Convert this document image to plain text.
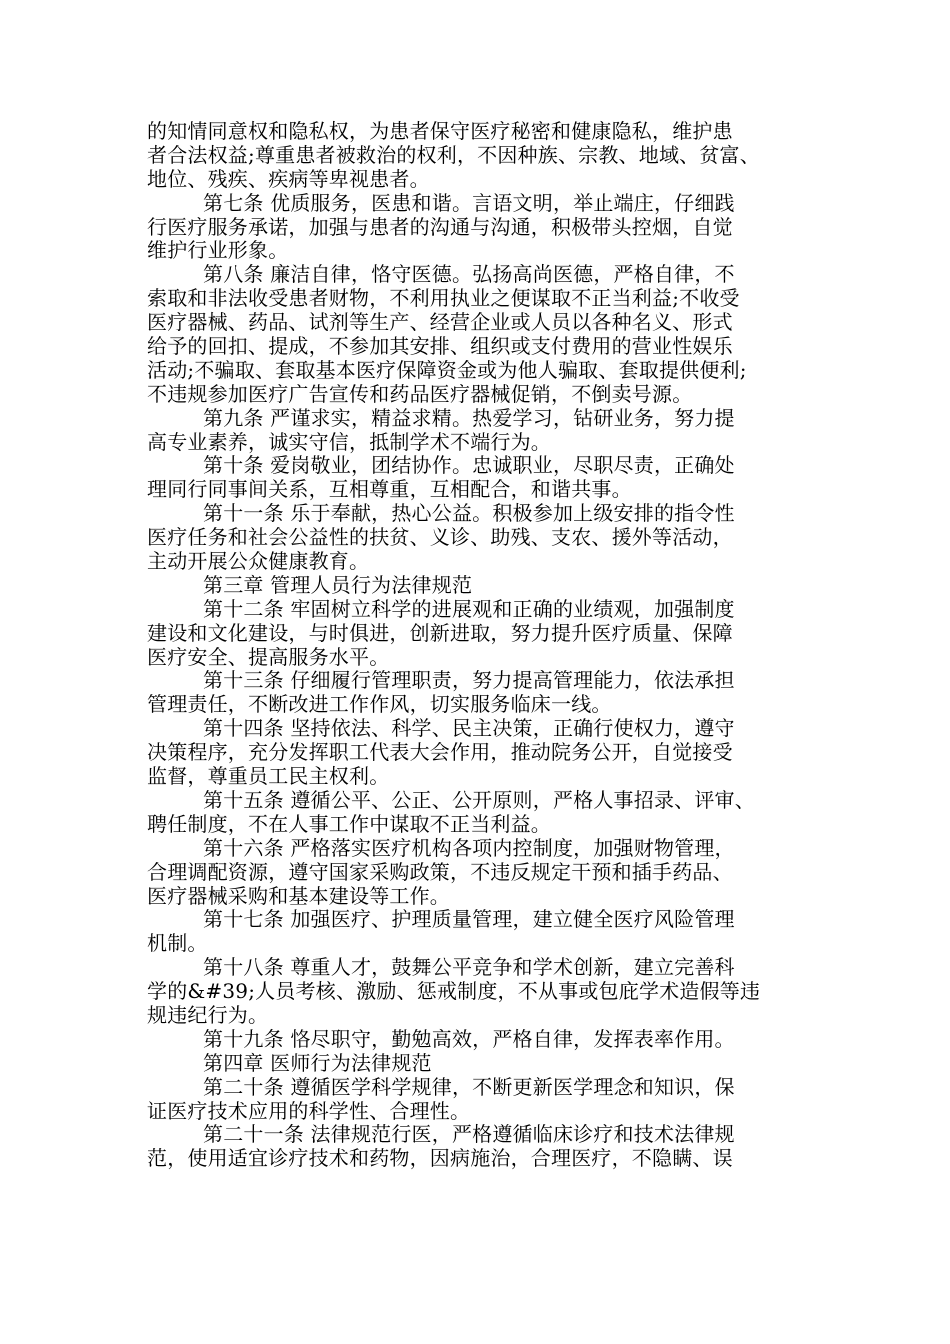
的知情同意权和隐私权，为患者保守医疗秘密和健康隐私，维护患
者合法权益;尊重患者被救治的权利，不因种族、宗教、地域、贫富、
地位、残疾、疾病等卑视患者。
第七条 优质服务，医患和谐。言语文明，举止端庄，仔细践
行医疗服务承诺，加强与患者的沟通与沟通，积极带头控烟，自觉
维护行业形象。
第八条 廉洁自律，恪守医德。弘扬高尚医德，严格自律，不
索取和非法收受患者财物，不利用执业之便谋取不正当利益;不收受
医疗器械、药品、试剂等生产、经营企业或人员以各种名义、形式
给予的回扣、提成，不参加其安排、组织或支付费用的营业性娱乐
活动;不骗取、套取基本医疗保障资金或为他人骗取、套取提供便利;
不违规参加医疗广告宣传和药品医疗器械促销，不倒卖号源。
第九条 严谨求实，精益求精。热爱学习，钻研业务，努力提
高专业素养，诚实守信，抵制学术不端行为。
第十条 爱岗敬业，团结协作。忠诚职业，尽职尽责，正确处
理同行同事间关系，互相尊重，互相配合，和谐共事。
第十一条 乐于奉献，热心公益。积极参加上级安排的指令性
医疗任务和社会公益性的扶贫、义诊、助残、支农、援外等活动，
主动开展公众健康教育。
第三章 管理人员行为法律规范
第十二条 牢固树立科学的进展观和正确的业绩观，加强制度
建设和文化建设，与时俱进，创新进取，努力提升医疗质量、保障
医疗安全、提高服务水平。
第十三条 仔细履行管理职责，努力提高管理能力，依法承担
管理责任，不断改进工作作风，切实服务临床一线。
第十四条 坚持依法、科学、民主决策，正确行使权力，遵守
决策程序，充分发挥职工代表大会作用，推动院务公开，自觉接受
监督，尊重员工民主权利。
第十五条 遵循公平、公正、公开原则，严格人事招录、评审、
聘任制度，不在人事工作中谋取不正当利益。
第十六条 严格落实医疗机构各项内控制度，加强财物管理，
合理调配资源，遵守国家采购政策，不违反规定干预和插手药品、
医疗器械采购和基本建设等工作。
第十七条 加强医疗、护理质量管理，建立健全医疗风险管理
机制。
第十八条 尊重人才，鼓舞公平竞争和学术创新，建立完善科
学的&#39;人员考核、激励、惩戒制度，不从事或包庇学术造假等违
规违纪行为。
第十九条 恪尽职守，勤勉高效，严格自律，发挥表率作用。
第四章 医师行为法律规范
第二十条 遵循医学科学规律，不断更新医学理念和知识，保
证医疗技术应用的科学性、合理性。
第二十一条 法律规范行医，严格遵循临床诊疗和技术法律规
范，使用适宜诊疗技术和药物，因病施治，合理医疗，不隐瞒、误
